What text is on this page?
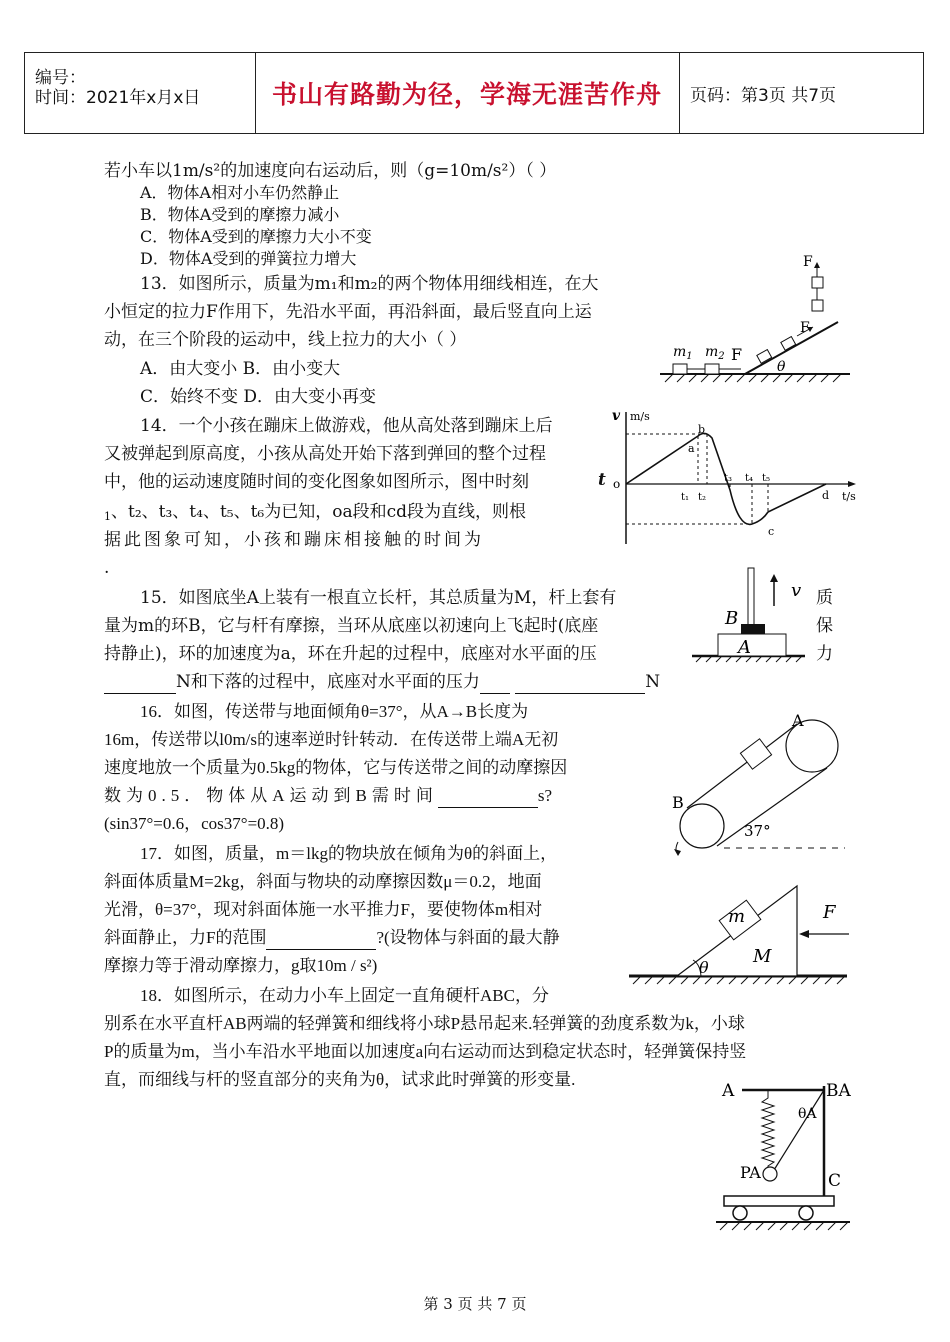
编号：
时间：2021年x月x日	书山有路勤为径，学海无涯苦作舟 页码：第3页 共7页
若小车以1m/s²的加速度向右运动后，则（g=10m/s²）（ ）
A．物体A相对小车仍然静止
B．物体A受到的摩擦力减小
C．物体A受到的摩擦力大小不变
D．物体A受到的弹簧拉力增大
13．如图所示，质量为m₁和m₂的两个物体用细线相连，在大
小恒定的拉力F作用下，先沿水平面，再沿斜面，最后竖直向上运
动，在三个阶段的运动中，线上拉力的大小（ ）
A．由大变小 B．由小变大
C．始终不变 D．由大变小再变
F
F
F
$m_1$ $m_2$
θ
14．一个小孩在蹦床上做游戏，他从高处落到蹦床上后
又被弹起到原高度，小孩从高处开始下落到弹回的整个过程
中，他的运动速度随时间的变化图象如图所示，图中时刻	t
1、t₂、t₃、t₄、t₅、t₆为已知，oa段和cd段为直线，则根
据此图象可知，小孩和蹦床相接触的时间为
.
v m/s
o
a
b
c
d
t₁ t₂
t₃ t₄ t₅
t/s
15．如图底坐A上装有一根直立长杆，其总质量为M，杆上套有
量为m的环B，它与杆有摩擦，当环从底座以初速向上飞起时(底座
持静止)，环的加速度为a，环在升起的过程中，底座对水平面的压
N和下落的过程中，底座对水平面的压力	N
质
保
力
B
A
v
16．如图，传送带与地面倾角θ=37°，从A→B长度为
16m，传送带以l0m/s的速率逆时针转动．在传送带上端A无初
速度地放一个质量为0.5kg的物体，它与传送带之间的动摩擦因
数为0.5．物体从A运动到B需时间	s?
(sin37°=0.6，cos37°=0.8)
A
B
37°
17．如图，质量，m＝lkg的物块放在倾角为θ的斜面上，
斜面体质量M=2kg，斜面与物块的动摩擦因数μ＝0.2，地面
光滑，θ=37°，现对斜面体施一水平推力F，要使物体m相对
斜面静止，力F的范围	?(设物体与斜面的最大静
摩擦力等于滑动摩擦力，g取10m / s²)
m
M
F
θ
18．如图所示，在动力小车上固定一直角硬杆ABC，分
别系在水平直杆AB两端的轻弹簧和细线将小球P悬吊起来.轻弹簧的劲度系数为k，小球
P的质量为m，当小车沿水平地面以加速度a向右运动而达到稳定状态时，轻弹簧保持竖
直，而细线与杆的竖直部分的夹角为θ，试求此时弹簧的形变量.
A	BA
θA
PA	C
第 3 页 共 7 页
